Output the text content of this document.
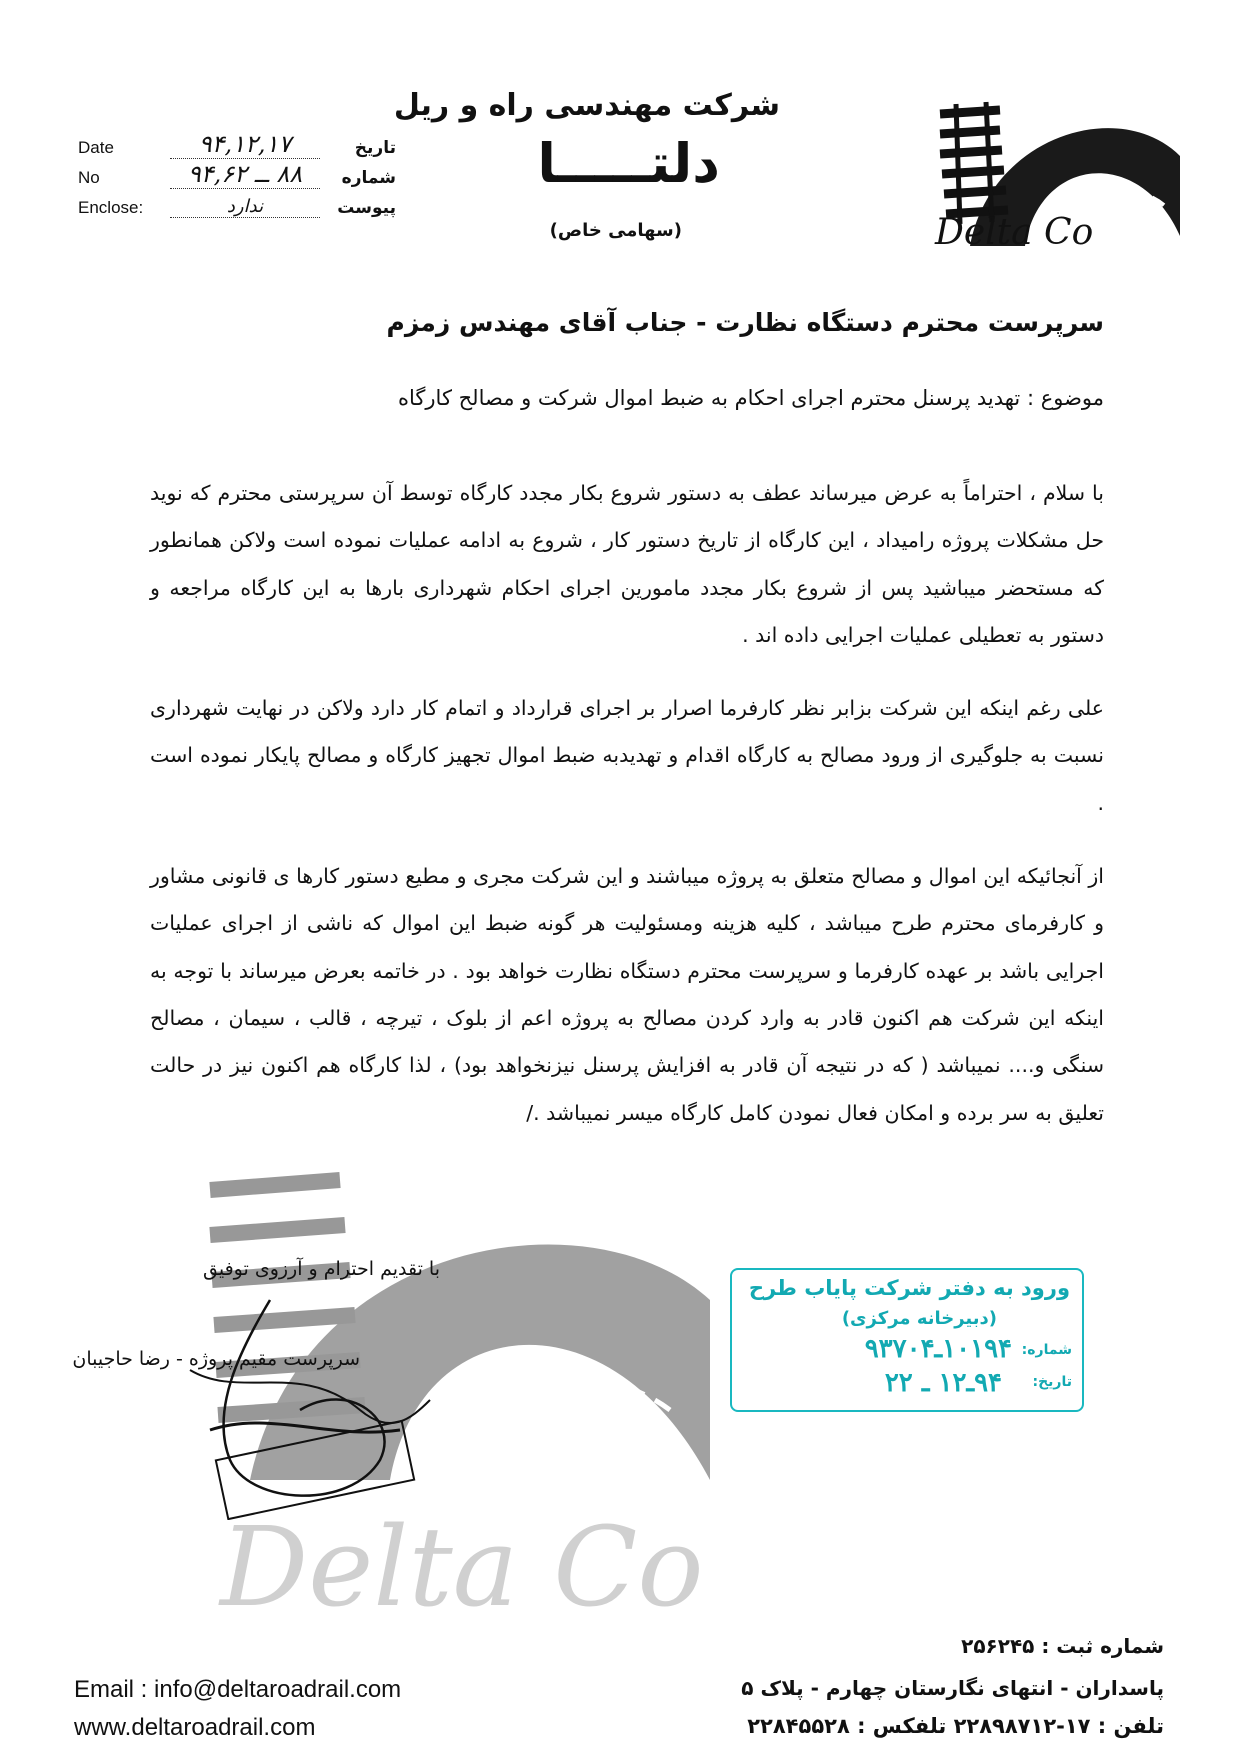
شرکت مهندسی راه و ریل
دلتـــــا
(سهامی خاص)	Delta Co
Date	۹۴,۱۲,۱۷	تاریخ
No	۸۸ ــ ۹۴,۶۲	شماره
Enclose:	ندارد	پیوست
سرپرست محترم دستگاه نظارت - جناب آقای مهندس زمزم
موضوع : تهدید پرسنل محترم اجرای احکام به ضبط اموال شرکت و مصالح کارگاه

با سلام ، احتراماً به عرض میرساند عطف به دستور شروع بکار مجدد کارگاه توسط آن سرپرستی محترم که نوید حل مشکلات پروژه رامیداد ، این کارگاه از تاریخ دستور کار ، شروع به ادامه عملیات نموده است ولاکن همانطور که مستحضر میباشید پس از شروع بکار مجدد مامورین اجرای احکام شهرداری بارها به این کارگاه مراجعه و دستور به تعطیلی عملیات اجرایی داده اند .

علی رغم اینکه این شرکت بزابر نظر کارفرما اصرار بر اجرای قرارداد و اتمام کار دارد ولاکن در نهایت شهرداری نسبت به جلوگیری از ورود مصالح به کارگاه اقدام و تهدیدبه ضبط اموال تجهیز کارگاه و مصالح پایکار نموده است .

از آنجائیکه این اموال و مصالح متعلق به پروژه میباشند و این شرکت مجری و مطیع دستور کارها ی قانونی مشاور و کارفرمای محترم طرح میباشد ، کلیه هزینه ومسئولیت هر گونه ضبط این اموال که ناشی از اجرای عملیات اجرایی باشد بر عهده کارفرما و سرپرست محترم دستگاه نظارت خواهد بود . در خاتمه بعرض میرساند با توجه به اینکه این شرکت هم اکنون قادر به وارد کردن مصالح به پروژه اعم از بلوک ، تیرچه ، قالب ، سیمان ، مصالح سنگی و.... نمیباشد ( که در نتیجه آن قادر به افزایش پرسنل نیزنخواهد بود) ، لذا کارگاه هم اکنون نیز در حالت تعلیق به سر برده و امکان فعال نمودن کامل کارگاه میسر نمیباشد ./

Delta Co
با تقدیم احترام و آرزوی توفیق
سرپرست مقیم پروژه - رضا حاجیبان
ورود به دفتر شرکت پایاب طرح
(دبیرخانه مرکزی)
شماره:
۱۰۱۹۴ـ۹۳۷۰۴
تاریخ:
۹۴ـ۱۲ ـ ۲۲
Email : info@deltaroadrail.com
www.deltaroadrail.com
شماره ثبت : ۲۵۶۲۴۵
پاسداران - انتهای نگارستان چهارم - پلاک ۵
تلفن : ۱۷-۲۲۸۹۸۷۱۲ تلفکس : ۲۲۸۴۵۵۲۸
